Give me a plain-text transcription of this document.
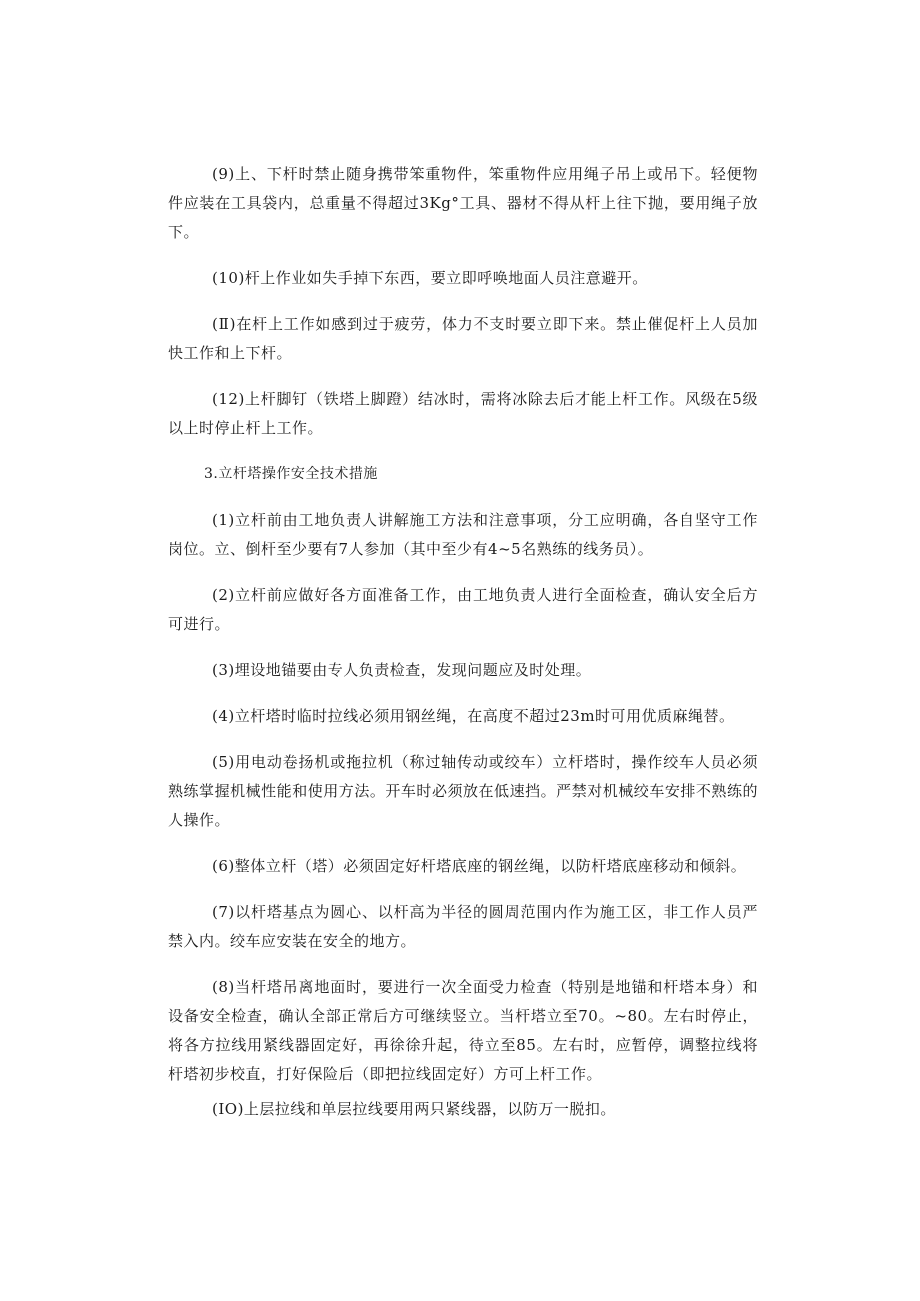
(9)上、下杆时禁止随身携带笨重物件，笨重物件应用绳子吊上或吊下。轻便物件应装在工具袋内，总重量不得超过3Kg°工具、器材不得从杆上往下抛，要用绳子放下。

(10)杆上作业如失手掉下东西，要立即呼唤地面人员注意避开。

(Ⅱ)在杆上工作如感到过于疲劳，体力不支时要立即下来。禁止催促杆上人员加快工作和上下杆。

(12)上杆脚钉（铁塔上脚蹬）结冰时，需将冰除去后才能上杆工作。风级在5级以上时停止杆上工作。

3.立杆塔操作安全技术措施

(1)立杆前由工地负责人讲解施工方法和注意事项，分工应明确，各自坚守工作岗位。立、倒杆至少要有7人参加（其中至少有4~5名熟练的线务员）。

(2)立杆前应做好各方面准备工作，由工地负责人进行全面检查，确认安全后方可进行。

(3)埋设地锚要由专人负责检查，发现问题应及时处理。

(4)立杆塔时临时拉线必须用钢丝绳，在高度不超过23m时可用优质麻绳替。

(5)用电动卷扬机或拖拉机（称过轴传动或绞车）立杆塔时，操作绞车人员必须熟练掌握机械性能和使用方法。开车时必须放在低速挡。严禁对机械绞车安排不熟练的人操作。

(6)整体立杆（塔）必须固定好杆塔底座的钢丝绳，以防杆塔底座移动和倾斜。

(7)以杆塔基点为圆心、以杆高为半径的圆周范围内作为施工区，非工作人员严禁入内。绞车应安装在安全的地方。

(8)当杆塔吊离地面时，要进行一次全面受力检查（特别是地锚和杆塔本身）和设备安全检查，确认全部正常后方可继续竖立。当杆塔立至70。~80。左右时停止，将各方拉线用紧线器固定好，再徐徐升起，待立至85。左右时，应暂停，调整拉线将杆塔初步校直，打好保险后（即把拉线固定好）方可上杆工作。

(IO)上层拉线和单层拉线要用两只紧线器，以防万一脱扣。
